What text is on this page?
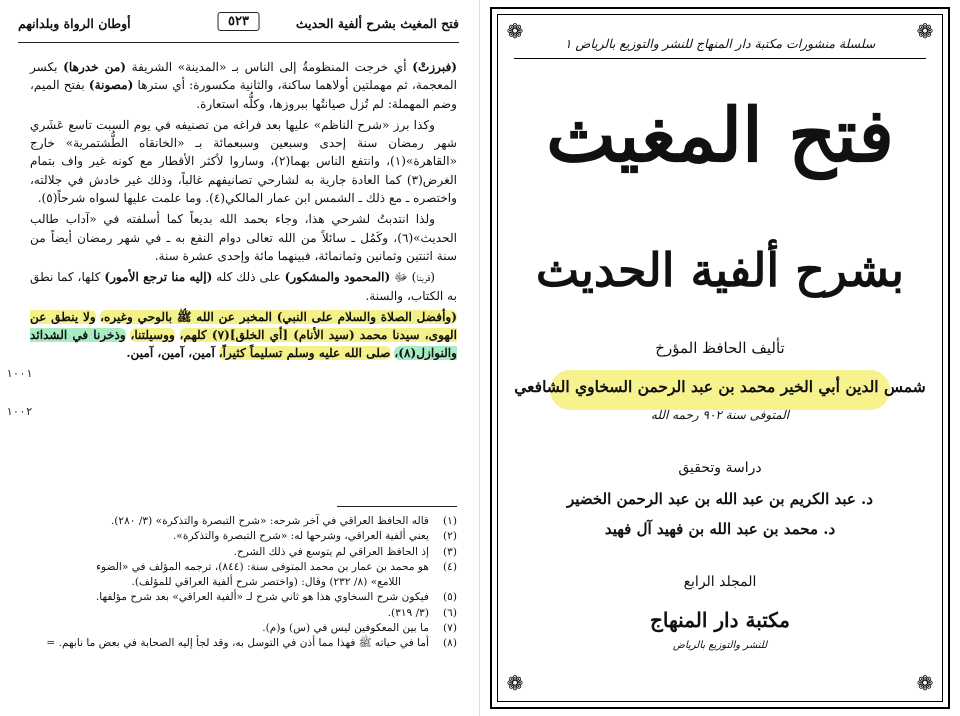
فتح المغيث بشرح ألفية الحديث
٥٢٣
أوطان الرواة وبلدانهم

(فبرزتْ) أي خرجت المنظومةُ إلى الناس بـ «المدينة» الشريفة (من خدرها) بكسر المعجمة، ثم مهملتين أولاهما ساكنة، والثانية مكسورة: أي سترها (مصونة) بفتح الميم، وضم المهملة: لم تُزل صيانتُها ببروزها، وكلُّه استعارة.

وكذا برز «شرح الناظم» عليها بعد فراغه من تصنيفه في يوم السبت تاسع عَشَري شهر رمضان سنة إحدى وسبعين وسبعمائة بـ «الخانقاه الطُّشتمرية» خارج «القاهرة»(١)، وانتفع الناس بهما(٢)، وساروا لأكثر الأقطار مع كونه غير واف بتمام الغرض(٣) كما العادة جارية به لشارحي تصانيفهم غالباً، وذلك غير خادش في جلالته، واختصره ـ مع ذلك ـ الشمس ابن عمار المالكي(٤). وما علمت عليها لسواه شرحاً(٥).

ولذا انتدبتُ لشرحي هذا، وجاء بحمد الله بديعاً كما أسلفته في «آداب طالب الحديث»(٦)، وكَمُل ـ سائلاً من الله تعالى دوام النفع به ـ في شهر رمضان أيضاً من سنة اثنتين وثمانين وثمانمائة، فبينهما مائة وإحدى عشرة سنة.

(فربنا) ﷻ (المحمود والمشكور) على ذلك كله (إليه منا ترجع الأمور) كلها، كما نطق به الكتاب، والسنة.

(وأفضل الصلاة والسلام على النبي) المخبر عن الله ﷺ بالوحي وغيره، ولا ينطق عن الهوى، سيدنا محمد (سيد الأنام) [أي الخلق](٧) كلهم، ووسيلتنا، وذخرنا في الشدائد والنوازل(٨)، صلى الله عليه وسلم تسليماً كثيراً، آمين، آمين، آمين.

١٠٠١
١٠٠٢
(١)
قاله الحافظ العراقي في آخر شرحه: «شرح التبصرة والتذكرة» (٣/ ٢٨٠).
(٢)
يعني ألفية العراقي، وشرحها له: «شرح التبصرة والتذكرة».
(٣)
إذ الحافظ العراقي لم يتوسع في ذلك الشرح.
(٤)
هو محمد بن عمار بن محمد المتوفى سنة: (٨٤٤)، ترجمه المؤلف في «الضوء
اللامع» (٨/ ٢٣٢) وقال: (واختصر شرح ألفية العراقي للمؤلف).
(٥)
فيكون شرح السخاوي هذا هو ثاني شرح لـ «ألفية العراقي» بعد شرح مؤلفها.
(٦)
(٣/ ٣١٩).
(٧)
ما بين المعكوفين ليس في (س) و(م).
(٨)
أما في حياته ﷺ فهذا مما أذن في التوسل به، وقد لجأ إليه الصحابة في بعض ما نابهم. =
❁	❁
❁	❁
سلسلة منشورات مكتبة دار المنهاج للنشر والتوزيع بالرياض ١
فتح المغيث
بشرح ألفية الحديث
تأليف الحافظ المؤرخ
شمس الدين أبي الخير محمد بن عبد الرحمن السخاوي الشافعي
المتوفى سنة ٩٠٢ رحمه الله
دراسة وتحقيق
د. عبد الكريم بن عبد الله بن عبد الرحمن الخضير
د. محمد بن عبد الله بن فهيد آل فهيد
المجلد الرابع
مكتبة دار المنهاج
للنشر والتوزيع بالرياض
